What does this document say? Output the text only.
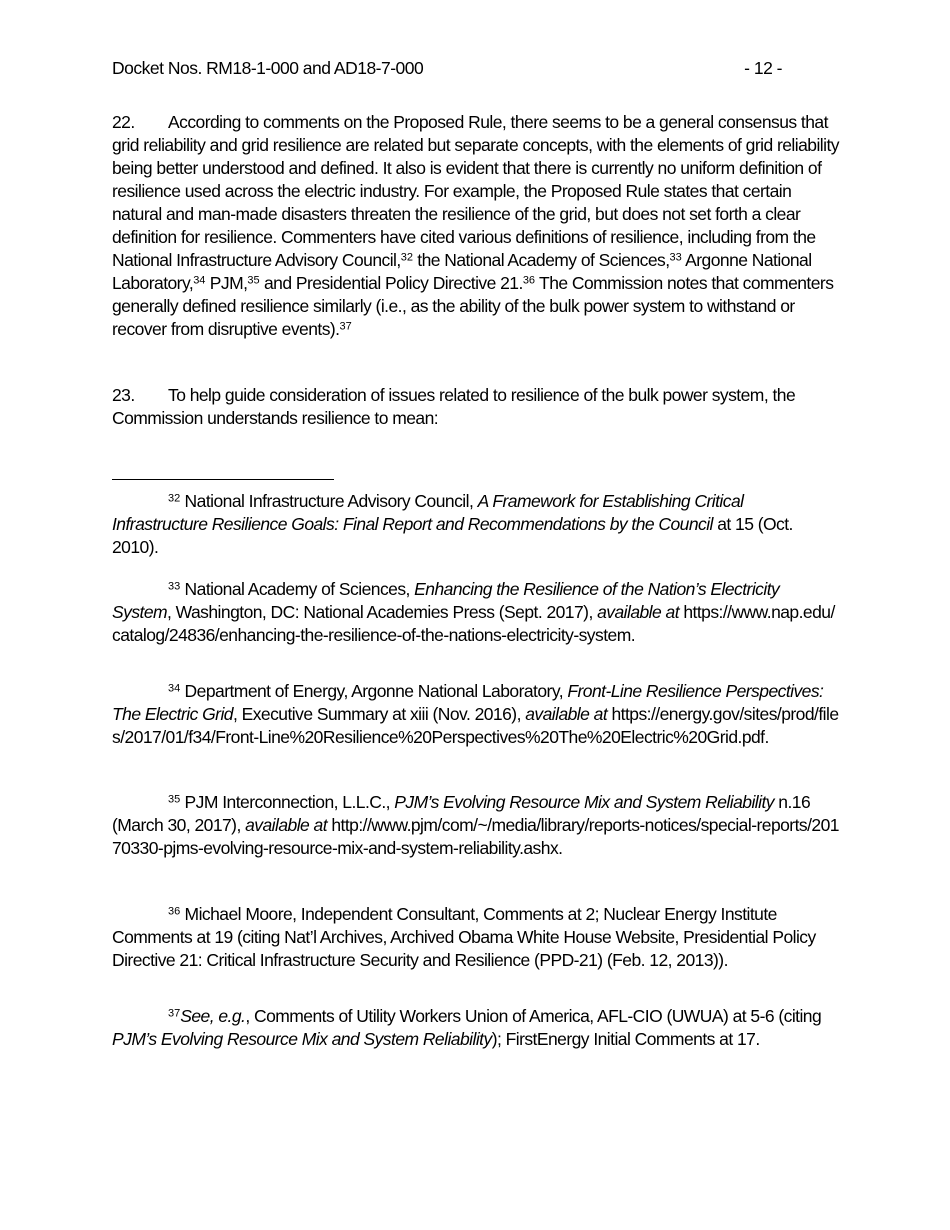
Docket Nos. RM18-1-000 and AD18-7-000	- 12 -

22. According to comments on the Proposed Rule, there seems to be a general consensus that grid reliability and grid resilience are related but separate concepts, with the elements of grid reliability being better understood and defined. It also is evident that there is currently no uniform definition of resilience used across the electric industry. For example, the Proposed Rule states that certain natural and man-made disasters threaten the resilience of the grid, but does not set forth a clear definition for resilience. Commenters have cited various definitions of resilience, including from the National Infrastructure Advisory Council,$^{32}$ the National Academy of Sciences,$^{33}$ Argonne National Laboratory,$^{34}$ PJM,$^{35}$ and Presidential Policy Directive 21.36 The Commission notes that commenters generally defined resilience similarly (i.e., as the ability of the bulk power system to withstand or recover from disruptive events).$^{37}$

23. To help guide consideration of issues related to resilience of the bulk power system, the Commission understands resilience to mean:

$^{32}$ National Infrastructure Advisory Council, A Framework for Establishing Critical Infrastructure Resilience Goals: Final Report and Recommendations by the Council at 15 (Oct. 2010).

$^{33}$ National Academy of Sciences, Enhancing the Resilience of the Nation’s Electricity System, Washington, DC: National Academies Press (Sept. 2017), available at https://www.nap.edu/catalog/24836/enhancing-the-resilience-of-the-nations-electricity-system.

$^{34}$ Department of Energy, Argonne National Laboratory, Front-Line Resilience Perspectives: The Electric Grid, Executive Summary at xiii (Nov. 2016), available at https://energy.gov/sites/prod/files/2017/01/f34/Front-Line%20Resilience%20Perspectives%20The%20Electric%20Grid.pdf.

$^{35}$ PJM Interconnection, L.L.C., PJM’s Evolving Resource Mix and System Reliability n.16 (March 30, 2017), available at http://www.pjm/com/~/media/library/reports-notices/special-reports/20170330-pjms-evolving-resource-mix-and-system-reliability.ashx.

$^{36}$ Michael Moore, Independent Consultant, Comments at 2; Nuclear Energy Institute Comments at 19 (citing Nat’l Archives, Archived Obama White House Website, Presidential Policy Directive 21: Critical Infrastructure Security and Resilience (PPD-21) (Feb. 12, 2013)).

$^{37}$See, e.g., Comments of Utility Workers Union of America, AFL-CIO (UWUA) at 5-6 (citing PJM’s Evolving Resource Mix and System Reliability); FirstEnergy Initial Comments at 17.
